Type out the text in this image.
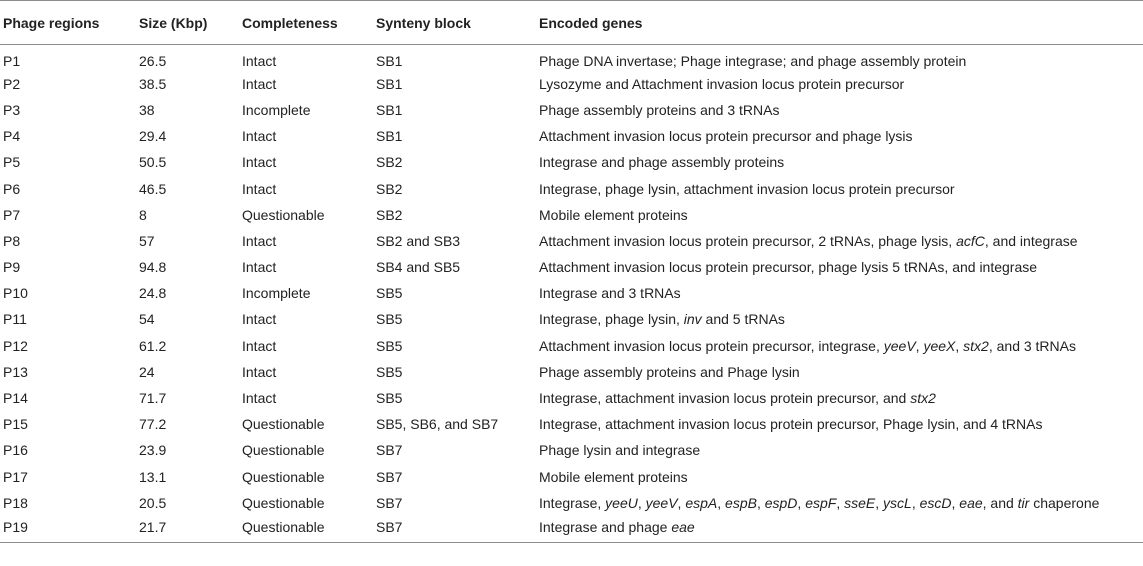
Phage regions	Size (Kbp)	Completeness	Synteny block	Encoded genes
P1	26.5	Intact	SB1	Phage DNA invertase; Phage integrase; and phage assembly protein
P2	38.5	Intact	SB1	Lysozyme and Attachment invasion locus protein precursor
P3	38	Incomplete	SB1	Phage assembly proteins and 3 tRNAs
P4	29.4	Intact	SB1	Attachment invasion locus protein precursor and phage lysis
P5	50.5	Intact	SB2	Integrase and phage assembly proteins
P6	46.5	Intact	SB2	Integrase, phage lysin, attachment invasion locus protein precursor
P7	8	Questionable	SB2	Mobile element proteins
P8	57	Intact	SB2 and SB3	Attachment invasion locus protein precursor, 2 tRNAs, phage lysis, acfC, and integrase
P9	94.8	Intact	SB4 and SB5	Attachment invasion locus protein precursor, phage lysis 5 tRNAs, and integrase
P10	24.8	Incomplete	SB5	Integrase and 3 tRNAs
P11	54	Intact	SB5	Integrase, phage lysin, inv and 5 tRNAs
P12	61.2	Intact	SB5	Attachment invasion locus protein precursor, integrase, yeeV, yeeX, stx2, and 3 tRNAs
P13	24	Intact	SB5	Phage assembly proteins and Phage lysin
P14	71.7	Intact	SB5	Integrase, attachment invasion locus protein precursor, and stx2
P15	77.2	Questionable	SB5, SB6, and SB7	Integrase, attachment invasion locus protein precursor, Phage lysin, and 4 tRNAs
P16	23.9	Questionable	SB7	Phage lysin and integrase
P17	13.1	Questionable	SB7	Mobile element proteins
P18	20.5	Questionable	SB7	Integrase, yeeU, yeeV, espA, espB, espD, espF, sseE, yscL, escD, eae, and tir chaperone
P19	21.7	Questionable	SB7	Integrase and phage eae
